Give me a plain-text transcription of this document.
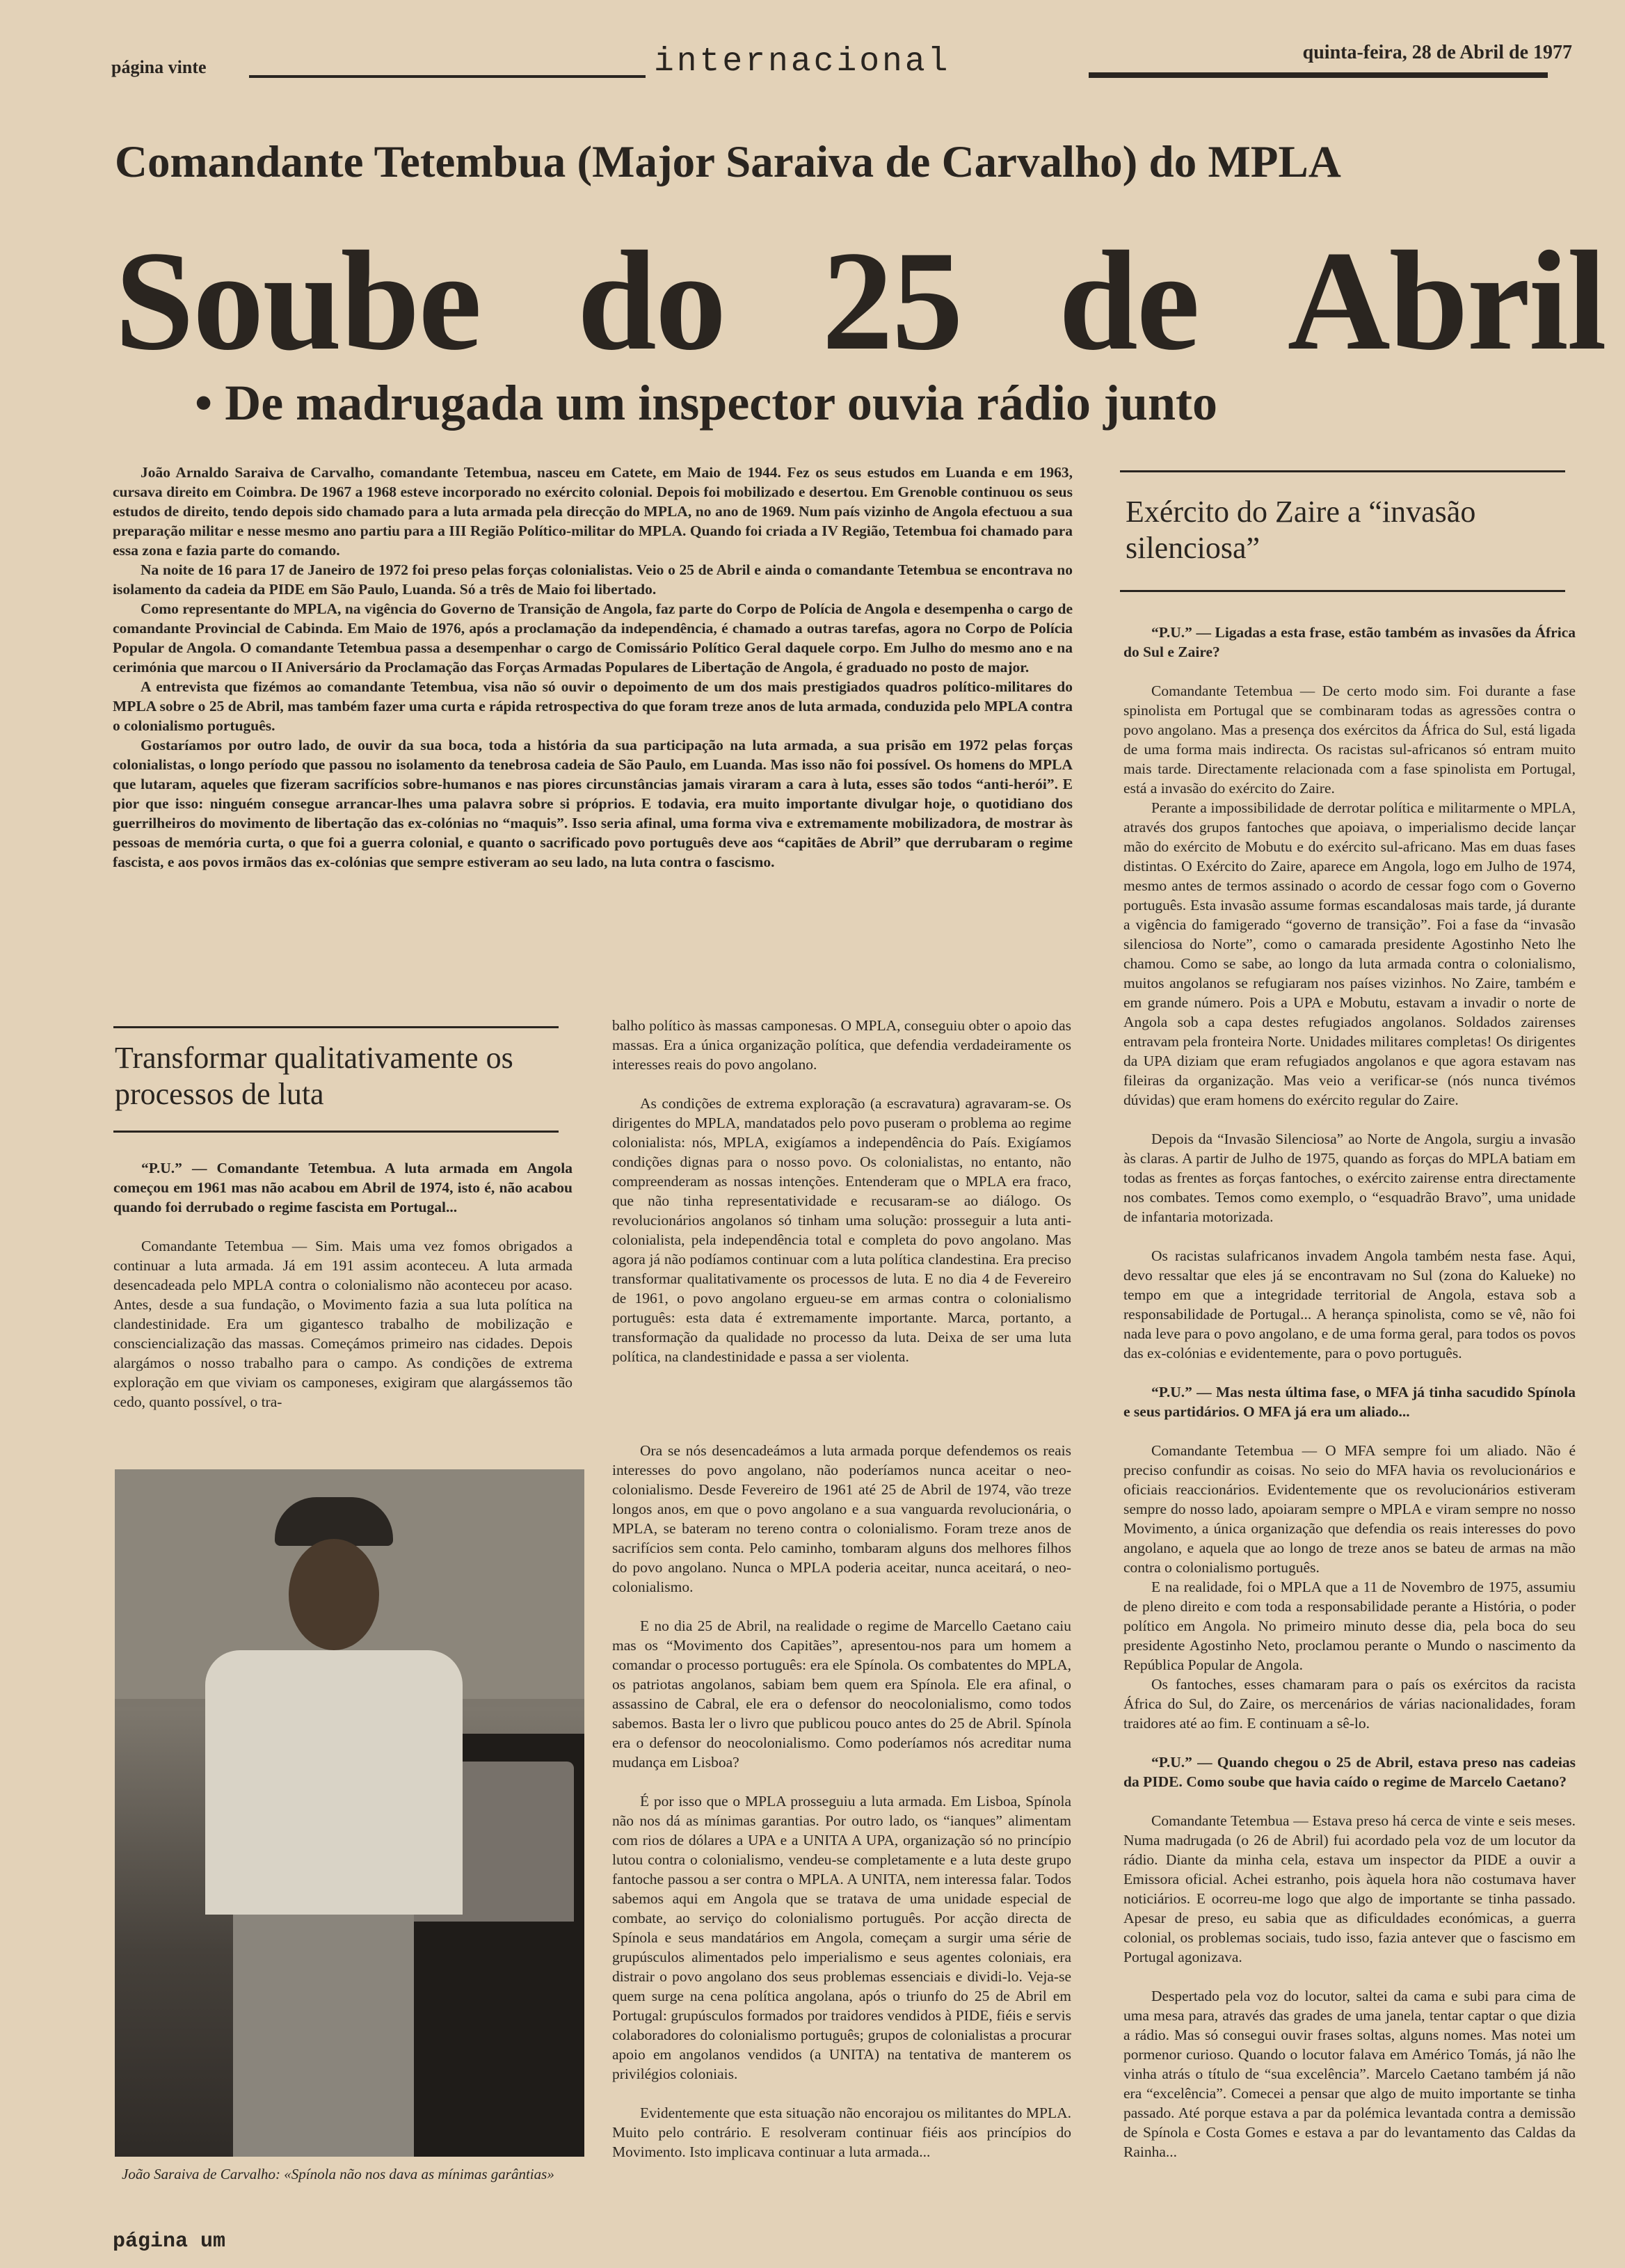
página vinte	internacional	quinta-feira, 28 de Abril de 1977
Comandante Tetembua (Major Saraiva de Carvalho) do MPLA
Soube do 25 de Abril
• De madrugada um inspector ouvia rádio junto

João Arnaldo Saraiva de Carvalho, comandante Tetembua, nasceu em Catete, em Maio de 1944. Fez os seus estudos em Luanda e em 1963, cursava direito em Coimbra. De 1967 a 1968 esteve incorporado no exército colonial. Depois foi mobilizado e desertou. Em Grenoble continuou os seus estudos de direito, tendo depois sido chamado para a luta armada pela direcção do MPLA, no ano de 1969. Num país vizinho de Angola efectuou a sua preparação militar e nesse mesmo ano partiu para a III Região Político-militar do MPLA. Quando foi criada a IV Região, Tetembua foi chamado para essa zona e fazia parte do comando.

Na noite de 16 para 17 de Janeiro de 1972 foi preso pelas forças colonialistas. Veio o 25 de Abril e ainda o comandante Tetembua se encontrava no isolamento da cadeia da PIDE em São Paulo, Luanda. Só a três de Maio foi libertado.

Como representante do MPLA, na vigência do Governo de Transição de Angola, faz parte do Corpo de Polícia de Angola e desempenha o cargo de comandante Provincial de Cabinda. Em Maio de 1976, após a proclamação da independência, é chamado a outras tarefas, agora no Corpo de Polícia Popular de Angola. O comandante Tetembua passa a desempenhar o cargo de Comissário Político Geral daquele corpo. Em Julho do mesmo ano e na cerimónia que marcou o II Aniversário da Proclamação das Forças Armadas Populares de Libertação de Angola, é graduado no posto de major.

A entrevista que fizémos ao comandante Tetembua, visa não só ouvir o depoimento de um dos mais prestigiados quadros político-militares do MPLA sobre o 25 de Abril, mas também fazer uma curta e rápida retrospectiva do que foram treze anos de luta armada, conduzida pelo MPLA contra o colonialismo português.

Gostaríamos por outro lado, de ouvir da sua boca, toda a história da sua participação na luta armada, a sua prisão em 1972 pelas forças colonialistas, o longo período que passou no isolamento da tenebrosa cadeia de São Paulo, em Luanda. Mas isso não foi possível. Os homens do MPLA que lutaram, aqueles que fizeram sacrifícios sobre-humanos e nas piores circunstâncias jamais viraram a cara à luta, esses são todos “anti-herói”. E pior que isso: ninguém consegue arrancar-lhes uma palavra sobre si próprios. E todavia, era muito importante divulgar hoje, o quotidiano dos guerrilheiros do movimento de libertação das ex-colónias no “maquis”. Isso seria afinal, uma forma viva e extremamente mobilizadora, de mostrar às pessoas de memória curta, o que foi a guerra colonial, e quanto o sacrificado povo português deve aos “capitães de Abril” que derrubaram o regime fascista, e aos povos irmãos das ex-colónias que sempre estiveram ao seu lado, na luta contra o fascismo.

Exército do Zaire a “invasão silenciosa”

“P.U.” — Ligadas a esta frase, estão também as invasões da África do Sul e Zaire?

Comandante Tetembua — De certo modo sim. Foi durante a fase spinolista em Portugal que se combinaram todas as agressões contra o povo angolano. Mas a presença dos exércitos da África do Sul, está ligada de uma forma mais indirecta. Os racistas sul-africanos só entram muito mais tarde. Directamente relacionada com a fase spinolista em Portugal, está a invasão do exército do Zaire.

Perante a impossibilidade de derrotar política e militarmente o MPLA, através dos grupos fantoches que apoiava, o imperialismo decide lançar mão do exército de Mobutu e do exército sul-africano. Mas em duas fases distintas. O Exército do Zaire, aparece em Angola, logo em Julho de 1974, mesmo antes de termos assinado o acordo de cessar fogo com o Governo português. Esta invasão assume formas escandalosas mais tarde, já durante a vigência do famigerado “governo de transição”. Foi a fase da “invasão silenciosa do Norte”, como o camarada presidente Agostinho Neto lhe chamou. Como se sabe, ao longo da luta armada contra o colonialismo, muitos angolanos se refugiaram nos países vizinhos. No Zaire, também e em grande número. Pois a UPA e Mobutu, estavam a invadir o norte de Angola sob a capa destes refugiados angolanos. Soldados zairenses entravam pela fronteira Norte. Unidades militares completas! Os dirigentes da UPA diziam que eram refugiados angolanos e que agora estavam nas fileiras da organização. Mas veio a verificar-se (nós nunca tivémos dúvidas) que eram homens do exército regular do Zaire.

Depois da “Invasão Silenciosa” ao Norte de Angola, surgiu a invasão às claras. A partir de Julho de 1975, quando as forças do MPLA batiam em todas as frentes as forças fantoches, o exército zairense entra directamente nos combates. Temos como exemplo, o “esquadrão Bravo”, uma unidade de infantaria motorizada.

Os racistas sulafricanos invadem Angola também nesta fase. Aqui, devo ressaltar que eles já se encontravam no Sul (zona do Kalueke) no tempo em que a integridade territorial de Angola, estava sob a responsabilidade de Portugal... A herança spinolista, como se vê, não foi nada leve para o povo angolano, e de uma forma geral, para todos os povos das ex-colónias e evidentemente, para o povo português.

“P.U.” — Mas nesta última fase, o MFA já tinha sacudido Spínola e seus partidários. O MFA já era um aliado...

Comandante Tetembua — O MFA sempre foi um aliado. Não é preciso confundir as coisas. No seio do MFA havia os revolucionários e oficiais reaccionários. Evidentemente que os revolucionários estiveram sempre do nosso lado, apoiaram sempre o MPLA e viram sempre no nosso Movimento, a única organização que defendia os reais interesses do povo angolano, e aquela que ao longo de treze anos se bateu de armas na mão contra o colonialismo português.

E na realidade, foi o MPLA que a 11 de Novembro de 1975, assumiu de pleno direito e com toda a responsabilidade perante a História, o poder político em Angola. No primeiro minuto desse dia, pela boca do seu presidente Agostinho Neto, proclamou perante o Mundo o nascimento da República Popular de Angola.

Os fantoches, esses chamaram para o país os exércitos da racista África do Sul, do Zaire, os mercenários de várias nacionalidades, foram traidores até ao fim. E continuam a sê-lo.

“P.U.” — Quando chegou o 25 de Abril, estava preso nas cadeias da PIDE. Como soube que havia caído o regime de Marcelo Caetano?

Comandante Tetembua — Estava preso há cerca de vinte e seis meses. Numa madrugada (o 26 de Abril) fui acordado pela voz de um locutor da rádio. Diante da minha cela, estava um inspector da PIDE a ouvir a Emissora oficial. Achei estranho, pois àquela hora não costumava haver noticiários. E ocorreu-me logo que algo de importante se tinha passado. Apesar de preso, eu sabia que as dificuldades económicas, a guerra colonial, os problemas sociais, tudo isso, fazia antever que o fascismo em Portugal agonizava.

Despertado pela voz do locutor, saltei da cama e subi para cima de uma mesa para, através das grades de uma janela, tentar captar o que dizia a rádio. Mas só consegui ouvir frases soltas, alguns nomes. Mas notei um pormenor curioso. Quando o locutor falava em Américo Tomás, já não lhe vinha atrás o título de “sua excelência”. Marcelo Caetano também já não era “excelência”. Comecei a pensar que algo de muito importante se tinha passado. Até porque estava a par da polémica levantada contra a demissão de Spínola e Costa Gomes e estava a par do levantamento das Caldas da Rainha...

Transformar qualitativamente os processos de luta

“P.U.” — Comandante Tetembua. A luta armada em Angola começou em 1961 mas não acabou em Abril de 1974, isto é, não acabou quando foi derrubado o regime fascista em Portugal...

Comandante Tetembua — Sim. Mais uma vez fomos obrigados a continuar a luta armada. Já em 191 assim aconteceu. A luta armada desencadeada pelo MPLA contra o colonialismo não aconteceu por acaso. Antes, desde a sua fundação, o Movimento fazia a sua luta política na clandestinidade. Era um gigantesco trabalho de mobilização e consciencialização das massas. Começámos primeiro nas cidades. Depois alargámos o nosso trabalho para o campo. As condições de extrema exploração em que viviam os camponeses, exigiram que alargássemos tão cedo, quanto possível, o tra-

balho político às massas camponesas. O MPLA, conseguiu obter o apoio das massas. Era a única organização política, que defendia verdadeiramente os interesses reais do povo angolano.

As condições de extrema exploração (a escravatura) agravaram-se. Os dirigentes do MPLA, mandatados pelo povo puseram o problema ao regime colonialista: nós, MPLA, exigíamos a independência do País. Exigíamos condições dignas para o nosso povo. Os colonialistas, no entanto, não compreenderam as nossas intenções. Entenderam que o MPLA era fraco, que não tinha representatividade e recusaram-se ao diálogo. Os revolucionários angolanos só tinham uma solução: prosseguir a luta anti-colonialista, pela independência total e completa do povo angolano. Mas agora já não podíamos continuar com a luta política clandestina. Era preciso transformar qualitativamente os processos de luta. E no dia 4 de Fevereiro de 1961, o povo angolano ergueu-se em armas contra o colonialismo português: esta data é extremamente importante. Marca, portanto, a transformação da qualidade no processo da luta. Deixa de ser uma luta política, na clandestinidade e passa a ser violenta.

Ora se nós desencadeámos a luta armada porque defendemos os reais interesses do povo angolano, não poderíamos nunca aceitar o neo-colonialismo. Desde Fevereiro de 1961 até 25 de Abril de 1974, vão treze longos anos, em que o povo angolano e a sua vanguarda revolucionária, o MPLA, se bateram no tereno contra o colonialismo. Foram treze anos de sacrifícios sem conta. Pelo caminho, tombaram alguns dos melhores filhos do povo angolano. Nunca o MPLA poderia aceitar, nunca aceitará, o neo-colonialismo.

E no dia 25 de Abril, na realidade o regime de Marcello Caetano caiu mas os “Movimento dos Capitães”, apresentou-nos para um homem a comandar o processo português: era ele Spínola. Os combatentes do MPLA, os patriotas angolanos, sabiam bem quem era Spínola. Ele era afinal, o assassino de Cabral, ele era o defensor do neocolonialismo, como todos sabemos. Basta ler o livro que publicou pouco antes do 25 de Abril. Spínola era o defensor do neocolonialismo. Como poderíamos nós acreditar numa mudança em Lisboa?

É por isso que o MPLA prosseguiu a luta armada. Em Lisboa, Spínola não nos dá as mínimas garantias. Por outro lado, os “ianques” alimentam com rios de dólares a UPA e a UNITA A UPA, organização só no princípio lutou contra o colonialismo, vendeu-se completamente e a luta deste grupo fantoche passou a ser contra o MPLA. A UNITA, nem interessa falar. Todos sabemos aqui em Angola que se tratava de uma unidade especial de combate, ao serviço do colonialismo português. Por acção directa de Spínola e seus mandatários em Angola, começam a surgir uma série de grupúsculos alimentados pelo imperialismo e seus agentes coloniais, era distrair o povo angolano dos seus problemas essenciais e dividi-lo. Veja-se quem surge na cena política angolana, após o triunfo do 25 de Abril em Portugal: grupúsculos formados por traidores vendidos à PIDE, fiéis e servis colaboradores do colonialismo português; grupos de colonialistas a procurar apoio em angolanos vendidos (a UNITA) na tentativa de manterem os privilégios coloniais.

Evidentemente que esta situação não encorajou os militantes do MPLA. Muito pelo contrário. E resolveram continuar fiéis aos princípios do Movimento. Isto implicava continuar a luta armada...

João Saraiva de Carvalho: «Spínola não nos dava as mínimas garântias»
página um
